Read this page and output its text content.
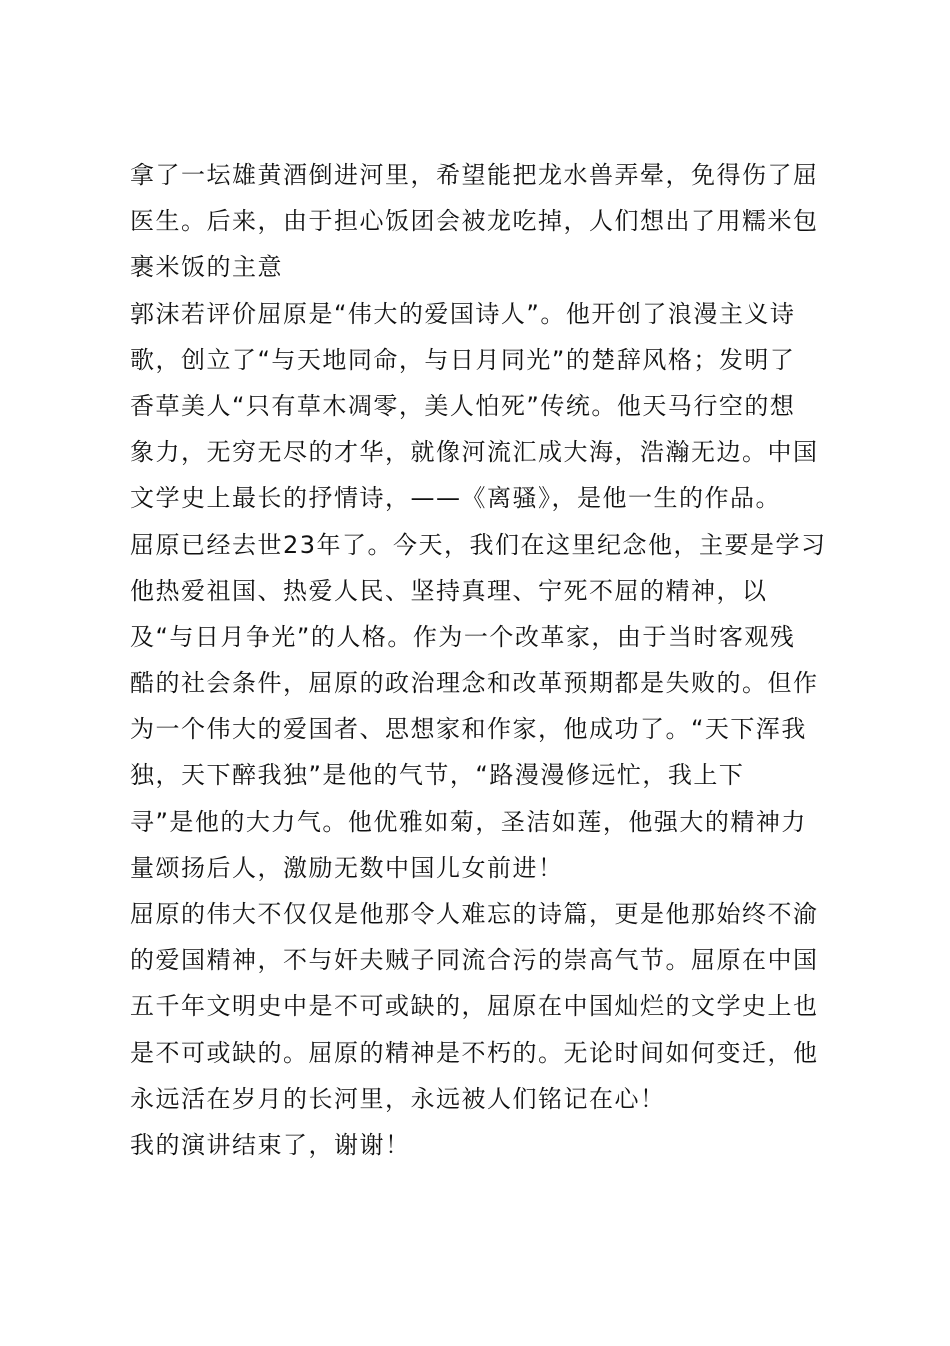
拿了一坛雄黄酒倒进河里，希望能把龙水兽弄晕，免得伤了屈
医生。后来，由于担心饭团会被龙吃掉，人们想出了用糯米包
裹米饭的主意
郭沫若评价屈原是“伟大的爱国诗人”。他开创了浪漫主义诗
歌，创立了“与天地同命，与日月同光”的楚辞风格；发明了
香草美人“只有草木凋零，美人怕死”传统。他天马行空的想
象力，无穷无尽的才华，就像河流汇成大海，浩瀚无边。中国
文学史上最长的抒情诗，——《离骚》，是他一生的作品。
屈原已经去世23年了。今天，我们在这里纪念他，主要是学习
他热爱祖国、热爱人民、坚持真理、宁死不屈的精神，以
及“与日月争光”的人格。作为一个改革家，由于当时客观残
酷的社会条件，屈原的政治理念和改革预期都是失败的。但作
为一个伟大的爱国者、思想家和作家，他成功了。“天下浑我
独，天下醉我独”是他的气节，“路漫漫修远忙，我上下
寻”是他的大力气。他优雅如菊，圣洁如莲，他强大的精神力
量颂扬后人，激励无数中国儿女前进！
屈原的伟大不仅仅是他那令人难忘的诗篇，更是他那始终不渝
的爱国精神，不与奸夫贼子同流合污的崇高气节。屈原在中国
五千年文明史中是不可或缺的，屈原在中国灿烂的文学史上也
是不可或缺的。屈原的精神是不朽的。无论时间如何变迁，他
永远活在岁月的长河里，永远被人们铭记在心！
我的演讲结束了，谢谢！
